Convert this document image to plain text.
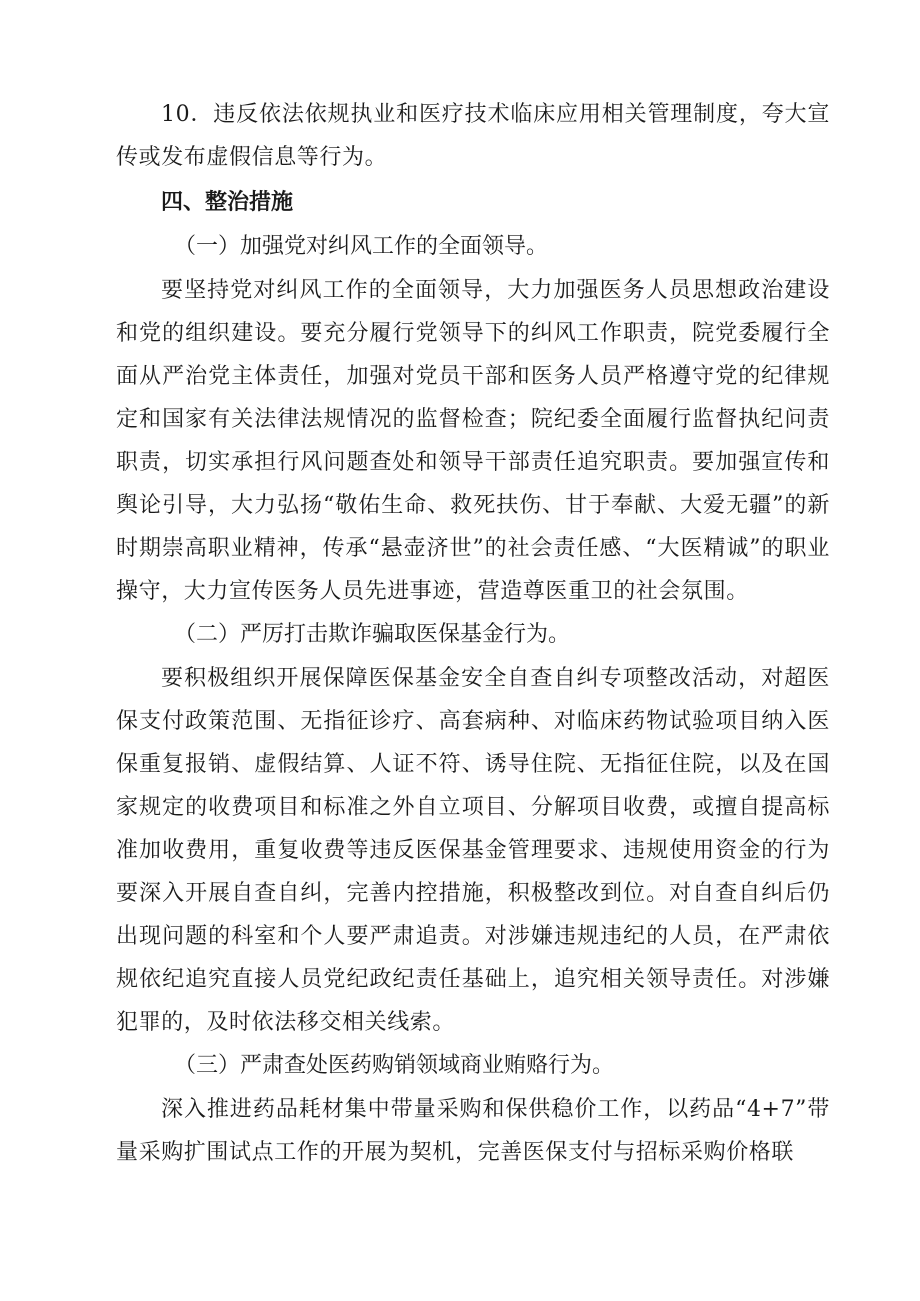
10．违反依法依规执业和医疗技术临床应用相关管理制度，夸大宣传或发布虚假信息等行为。

四、整治措施

（一）加强党对纠风工作的全面领导。

要坚持党对纠风工作的全面领导，大力加强医务人员思想政治建设和党的组织建设。要充分履行党领导下的纠风工作职责，院党委履行全面从严治党主体责任，加强对党员干部和医务人员严格遵守党的纪律规定和国家有关法律法规情况的监督检查；院纪委全面履行监督执纪问责职责，切实承担行风问题查处和领导干部责任追究职责。要加强宣传和舆论引导，大力弘扬“敬佑生命、救死扶伤、甘于奉献、大爱无疆”的新时期崇高职业精神，传承“悬壶济世”的社会责任感、“大医精诚”的职业操守，大力宣传医务人员先进事迹，营造尊医重卫的社会氛围。

（二）严厉打击欺诈骗取医保基金行为。

要积极组织开展保障医保基金安全自查自纠专项整改活动，对超医保支付政策范围、无指征诊疗、高套病种、对临床药物试验项目纳入医保重复报销、虚假结算、人证不符、诱导住院、无指征住院，以及在国家规定的收费项目和标准之外自立项目、分解项目收费，或擅自提高标准加收费用，重复收费等违反医保基金管理要求、违规使用资金的行为要深入开展自查自纠，完善内控措施，积极整改到位。对自查自纠后仍出现问题的科室和个人要严肃追责。对涉嫌违规违纪的人员，在严肃依规依纪追究直接人员党纪政纪责任基础上，追究相关领导责任。对涉嫌犯罪的，及时依法移交相关线索。

（三）严肃查处医药购销领域商业贿赂行为。

深入推进药品耗材集中带量采购和保供稳价工作，以药品“4+7”带量采购扩围试点工作的开展为契机，完善医保支付与招标采购价格联
